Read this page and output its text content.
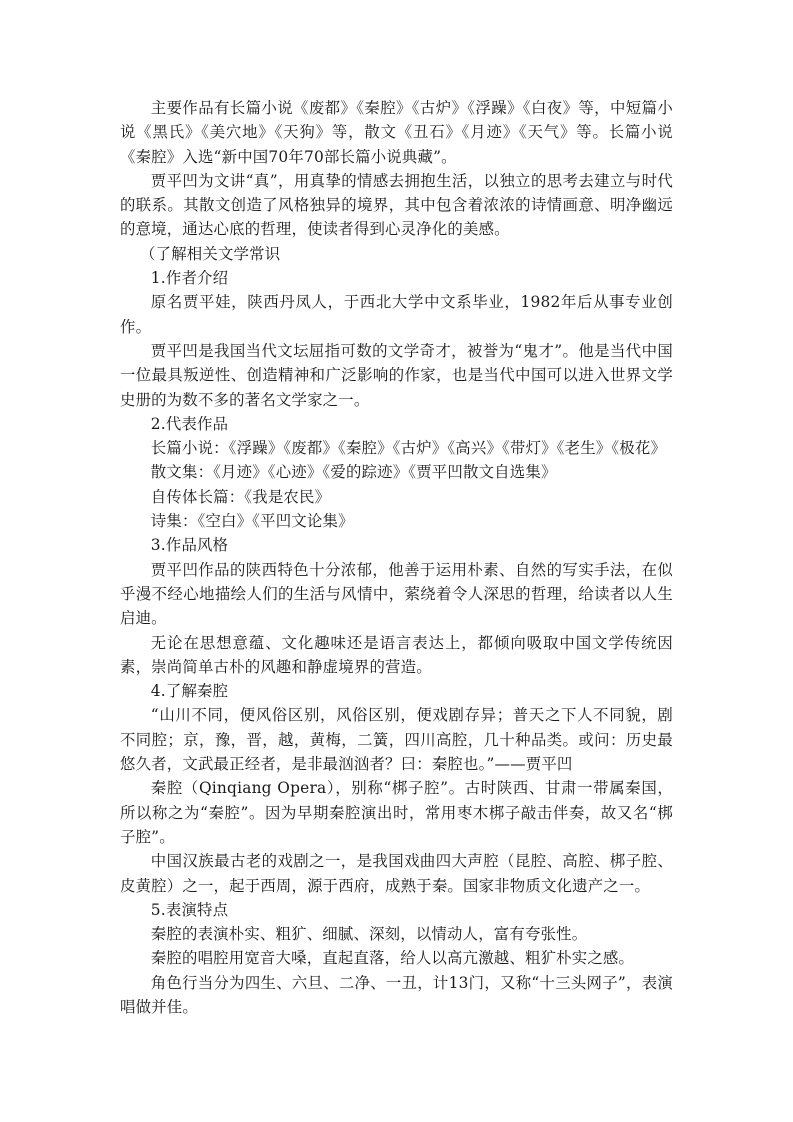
主要作品有长篇小说《废都》《秦腔》《古炉》《浮躁》《白夜》等，中短篇小说《黑氏》《美穴地》《天狗》等，散文《丑石》《月迹》《天气》等。长篇小说《秦腔》入选“新中国70年70部长篇小说典藏”。

贾平凹为文讲“真”，用真挚的情感去拥抱生活，以独立的思考去建立与时代的联系。其散文创造了风格独异的境界，其中包含着浓浓的诗情画意、明净幽远的意境，通达心底的哲理，使读者得到心灵净化的美感。

（了解相关文学常识

1.作者介绍

原名贾平娃，陕西丹凤人，于西北大学中文系毕业，1982年后从事专业创作。

贾平凹是我国当代文坛屈指可数的文学奇才，被誉为“鬼才”。他是当代中国一位最具叛逆性、创造精神和广泛影响的作家，也是当代中国可以进入世界文学史册的为数不多的著名文学家之一。

2.代表作品

长篇小说：《浮躁》《废都》《秦腔》《古炉》《高兴》《带灯》《老生》《极花》

散文集：《月迹》《心迹》《爱的踪迹》《贾平凹散文自选集》

自传体长篇：《我是农民》

诗集：《空白》《平凹文论集》

3.作品风格

贾平凹作品的陕西特色十分浓郁，他善于运用朴素、自然的写实手法，在似乎漫不经心地描绘人们的生活与风情中，萦绕着令人深思的哲理，给读者以人生启迪。

无论在思想意蕴、文化趣味还是语言表达上，都倾向吸取中国文学传统因素，崇尚简单古朴的风趣和静虚境界的营造。

4.了解秦腔

“山川不同，便风俗区别，风俗区别，便戏剧存异；普天之下人不同貌，剧不同腔；京，豫，晋，越，黄梅，二簧，四川高腔，几十种品类。或问：历史最悠久者，文武最正经者，是非最汹汹者？曰：秦腔也。”——贾平凹

秦腔（Qinqiang Opera），别称“梆子腔”。古时陕西、甘肃一带属秦国，所以称之为“秦腔”。因为早期秦腔演出时，常用枣木梆子敲击伴奏，故又名“梆子腔”。

中国汉族最古老的戏剧之一，是我国戏曲四大声腔（昆腔、高腔、梆子腔、皮黄腔）之一，起于西周，源于西府，成熟于秦。国家非物质文化遗产之一。

5.表演特点

秦腔的表演朴实、粗犷、细腻、深刻，以情动人，富有夸张性。

秦腔的唱腔用宽音大嗓，直起直落，给人以高亢激越、粗犷朴实之感。

角色行当分为四生、六旦、二净、一丑，计13门，又称“十三头网子”，表演唱做并佳。
